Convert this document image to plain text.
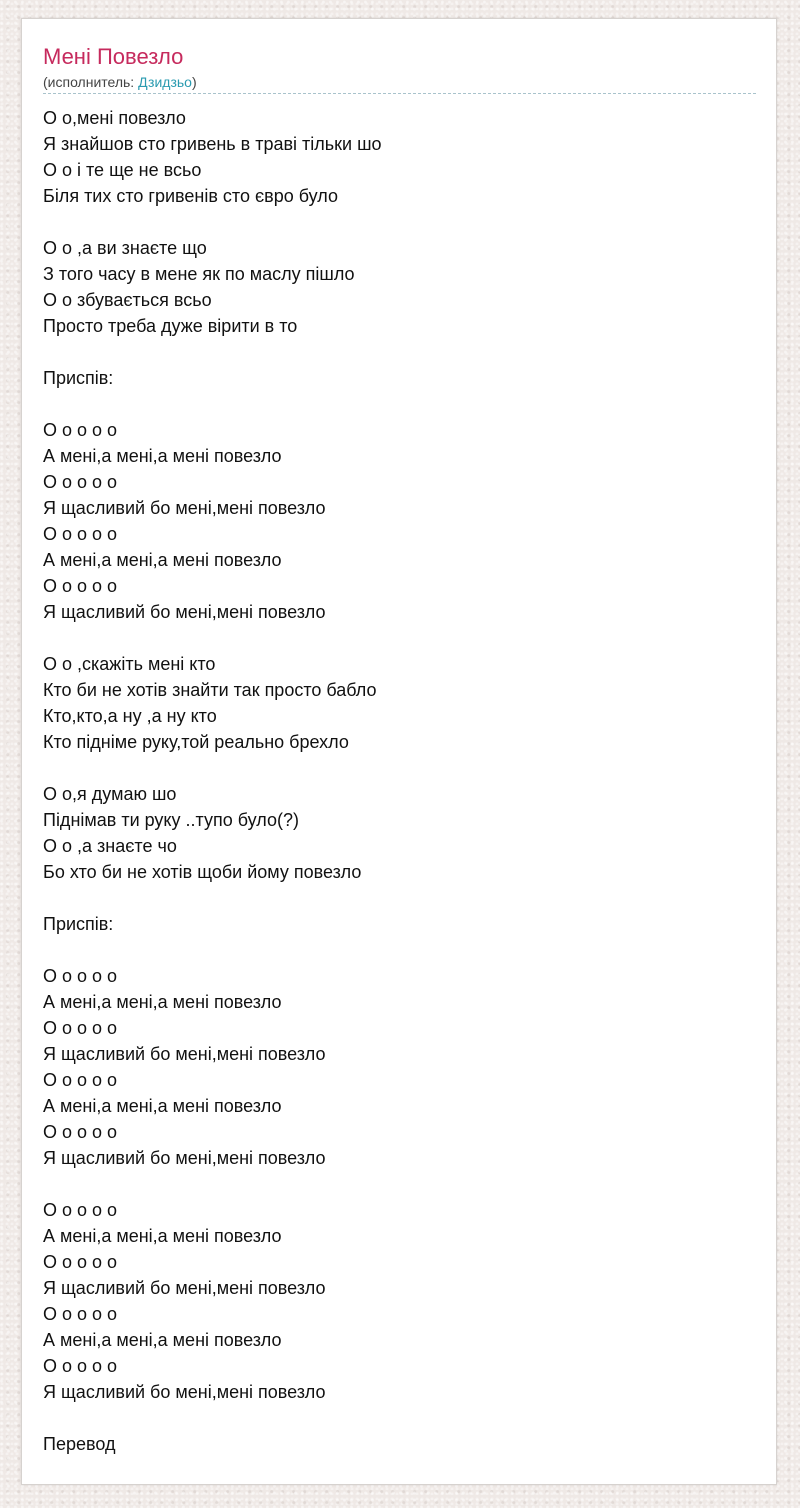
Мені Повезло
(исполнитель: Дзидзьо)
О о,мені повезло
Я знайшов сто гривень в траві тільки шо
О о і те ще не всьо
Біля тих сто гривенів сто євро було
О о ,а ви знаєте що
З того часу в мене як по маслу пішло
О о збувається всьо
Просто треба дуже вірити в то
Приспів:
О о о о о
А мені,а мені,а мені повезло
О о о о о
Я щасливий бо мені,мені повезло
О о о о о
А мені,а мені,а мені повезло
О о о о о
Я щасливий бо мені,мені повезло
О о ,скажіть мені кто
Кто би не хотів знайти так просто бабло
Кто,кто,а ну ,а ну кто
Кто підніме руку,той реально брехло
О о,я думаю шо
Піднімав ти руку ..тупо було(?)
О о ,а знаєте чо
Бо хто би не хотів щоби йому повезло
Приспів:
О о о о о
А мені,а мені,а мені повезло
О о о о о
Я щасливий бо мені,мені повезло
О о о о о
А мені,а мені,а мені повезло
О о о о о
Я щасливий бо мені,мені повезло
О о о о о
А мені,а мені,а мені повезло
О о о о о
Я щасливий бо мені,мені повезло
О о о о о
А мені,а мені,а мені повезло
О о о о о
Я щасливий бо мені,мені повезло
Перевод
